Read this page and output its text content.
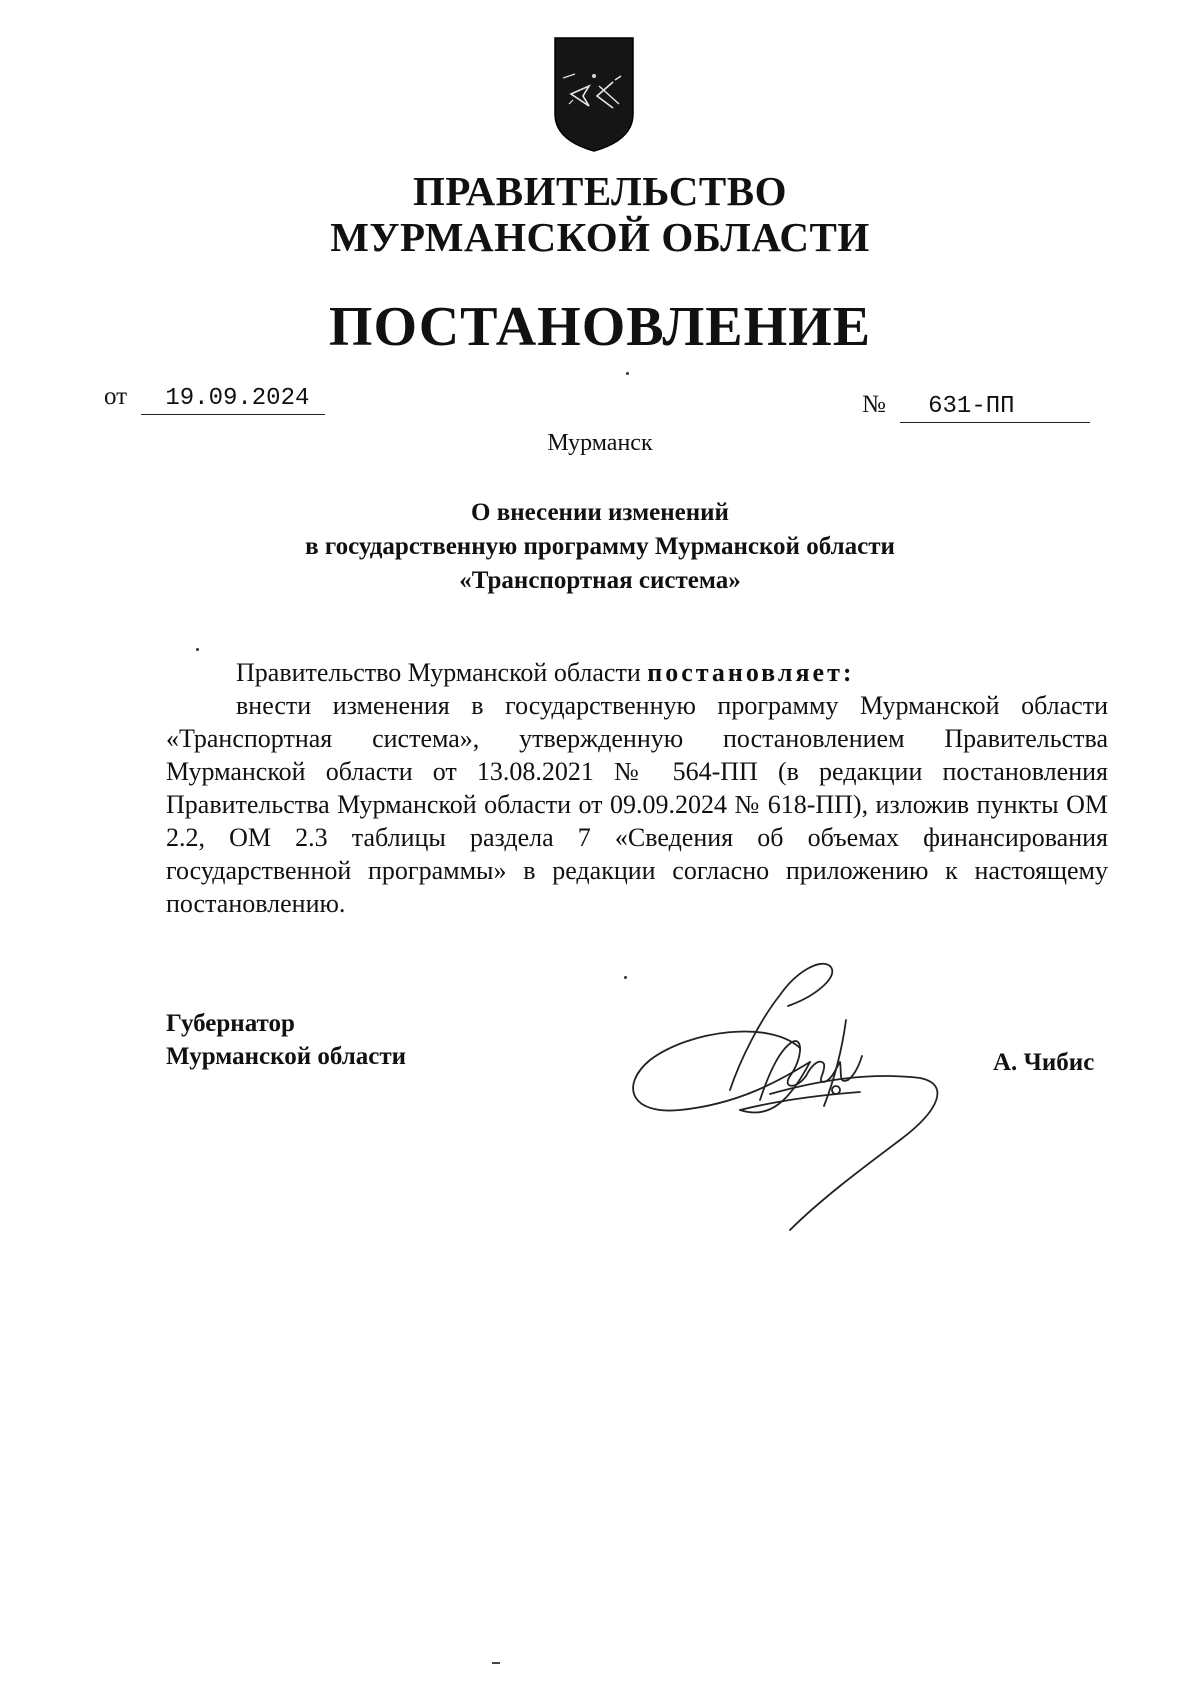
ПРАВИТЕЛЬСТВО
МУРМАНСКОЙ ОБЛАСТИ
ПОСТАНОВЛЕНИЕ
от 19.09.2024	№ 631-ПП
Мурманск
О внесении изменений
в государственную программу Мурманской области
«Транспортная система»

Правительство Мурманской области постановляет:

внести изменения в государственную программу Мурманской области «Транспортная система», утвержденную постановлением Правительства Мурманской области от 13.08.2021 № 564-ПП (в редакции постановления Правительства Мурманской области от 09.09.2024 № 618-ПП), изложив пункты ОМ 2.2, ОМ 2.3 таблицы раздела 7 «Сведения об объемах финансирования государственной программы» в редакции согласно приложению к настоящему постановлению.

Губернатор
Мурманской области	А. Чибис
